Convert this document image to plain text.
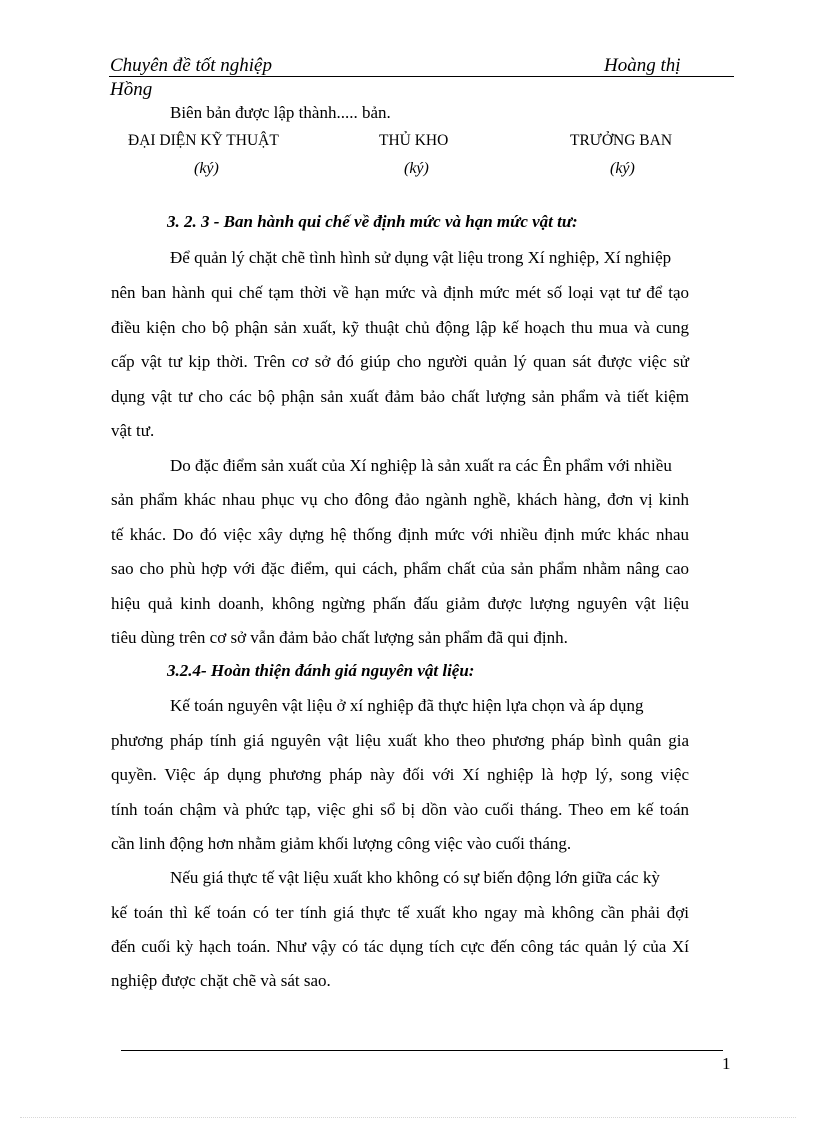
Chuyên đề tốt nghiệp	Hoàng thị
Hồng
Biên bản được lập thành..... bản.
ĐẠI DIỆN KỸ THUẬT	THỦ KHO	TRƯỞNG BAN
(ký)	(ký)	(ký)
3. 2. 3 - Ban hành qui chế về định mức và hạn mức vật tư:
Để quản lý chặt chẽ tình hình sử dụng vật liệu trong Xí nghiệp, Xí nghiệp
nên ban hành qui chế tạm thời về hạn mức và định mức mét số loại vạt tư để tạo
điều kiện cho bộ phận sản xuất, kỹ thuật chủ động lập kế hoạch thu mua và cung
cấp vật tư kịp thời. Trên cơ sở đó giúp cho người quản lý quan sát được việc sử
dụng vật tư cho các bộ phận sản xuất đảm bảo chất lượng sản phẩm và tiết kiệm
vật tư.
Do đặc điểm sản xuất của Xí nghiệp là sản xuất ra các Ên phẩm với nhiều
sản phẩm khác nhau phục vụ cho đông đảo ngành nghề, khách hàng, đơn vị kinh
tế khác. Do đó việc xây dựng hệ thống định mức với nhiều định mức khác nhau
sao cho phù hợp với đặc điểm, qui cách, phẩm chất của sản phẩm nhằm nâng cao
hiệu quả kinh doanh, không ngừng phấn đấu giảm được lượng nguyên vật liệu
tiêu dùng trên cơ sở vẫn đảm bảo chất lượng sản phẩm đã qui định.
3.2.4- Hoàn thiện đánh giá nguyên vật liệu:
Kế toán nguyên vật liệu ở xí nghiệp đã thực hiện lựa chọn và áp dụng
phương pháp tính giá nguyên vật liệu xuất kho theo phương pháp bình quân gia
quyền. Việc áp dụng phương pháp này đối với Xí nghiệp là hợp lý, song việc
tính toán chậm và phức tạp, việc ghi sổ bị dồn vào cuối tháng. Theo em kế toán
cần linh động hơn nhằm giảm khối lượng công việc vào cuối tháng.
Nếu giá thực tế vật liệu xuất kho không có sự biến động lớn giữa các kỳ
kế toán thì kế toán có ter tính giá thực tế xuất kho ngay mà không cần phải đợi
đến cuối kỳ hạch toán. Như vậy có tác dụng tích cực đến công tác quản lý của Xí
nghiệp được chặt chẽ và sát sao.
1
